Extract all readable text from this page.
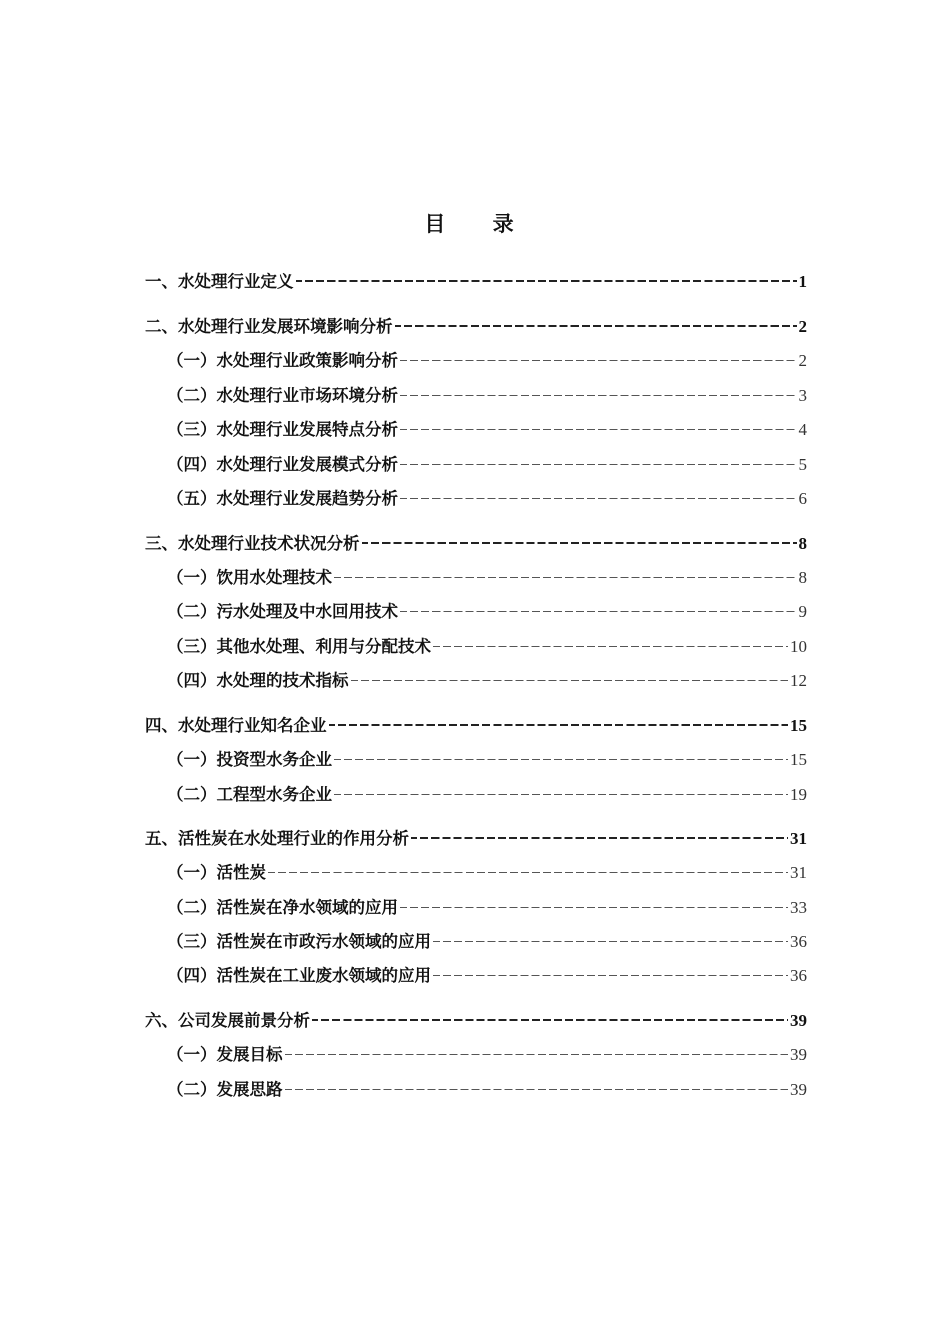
目 录
一、水处理行业定义	1
二、水处理行业发展环境影响分析	2
（一）水处理行业政策影响分析	2
（二）水处理行业市场环境分析	3
（三）水处理行业发展特点分析	4
（四）水处理行业发展模式分析	5
（五）水处理行业发展趋势分析	6
三、水处理行业技术状况分析	8
（一）饮用水处理技术	8
（二）污水处理及中水回用技术	9
（三）其他水处理、利用与分配技术	10
（四）水处理的技术指标	12
四、水处理行业知名企业	15
（一）投资型水务企业	15
（二）工程型水务企业	19
五、活性炭在水处理行业的作用分析	31
（一）活性炭	31
（二）活性炭在净水领域的应用	33
（三）活性炭在市政污水领域的应用	36
（四）活性炭在工业废水领域的应用	36
六、公司发展前景分析	39
（一）发展目标	39
（二）发展思路	39
